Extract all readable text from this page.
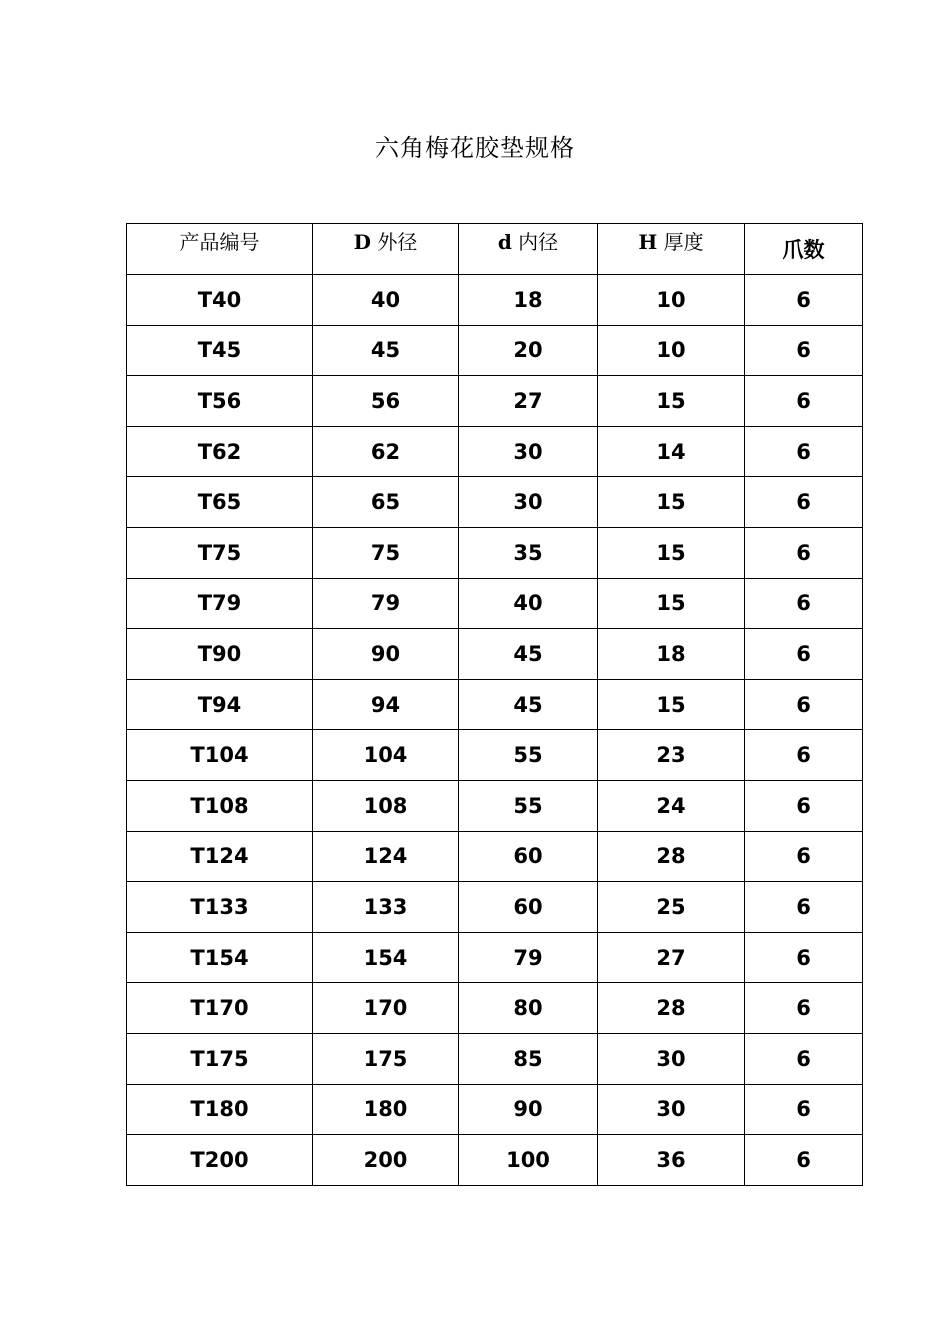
六角梅花胶垫规格
产品编号	D 外径	d 内径	H 厚度	爪数
T40	40	18	10	6
T45	45	20	10	6
T56	56	27	15	6
T62	62	30	14	6
T65	65	30	15	6
T75	75	35	15	6
T79	79	40	15	6
T90	90	45	18	6
T94	94	45	15	6
T104	104	55	23	6
T108	108	55	24	6
T124	124	60	28	6
T133	133	60	25	6
T154	154	79	27	6
T170	170	80	28	6
T175	175	85	30	6
T180	180	90	30	6
T200	200	100	36	6
